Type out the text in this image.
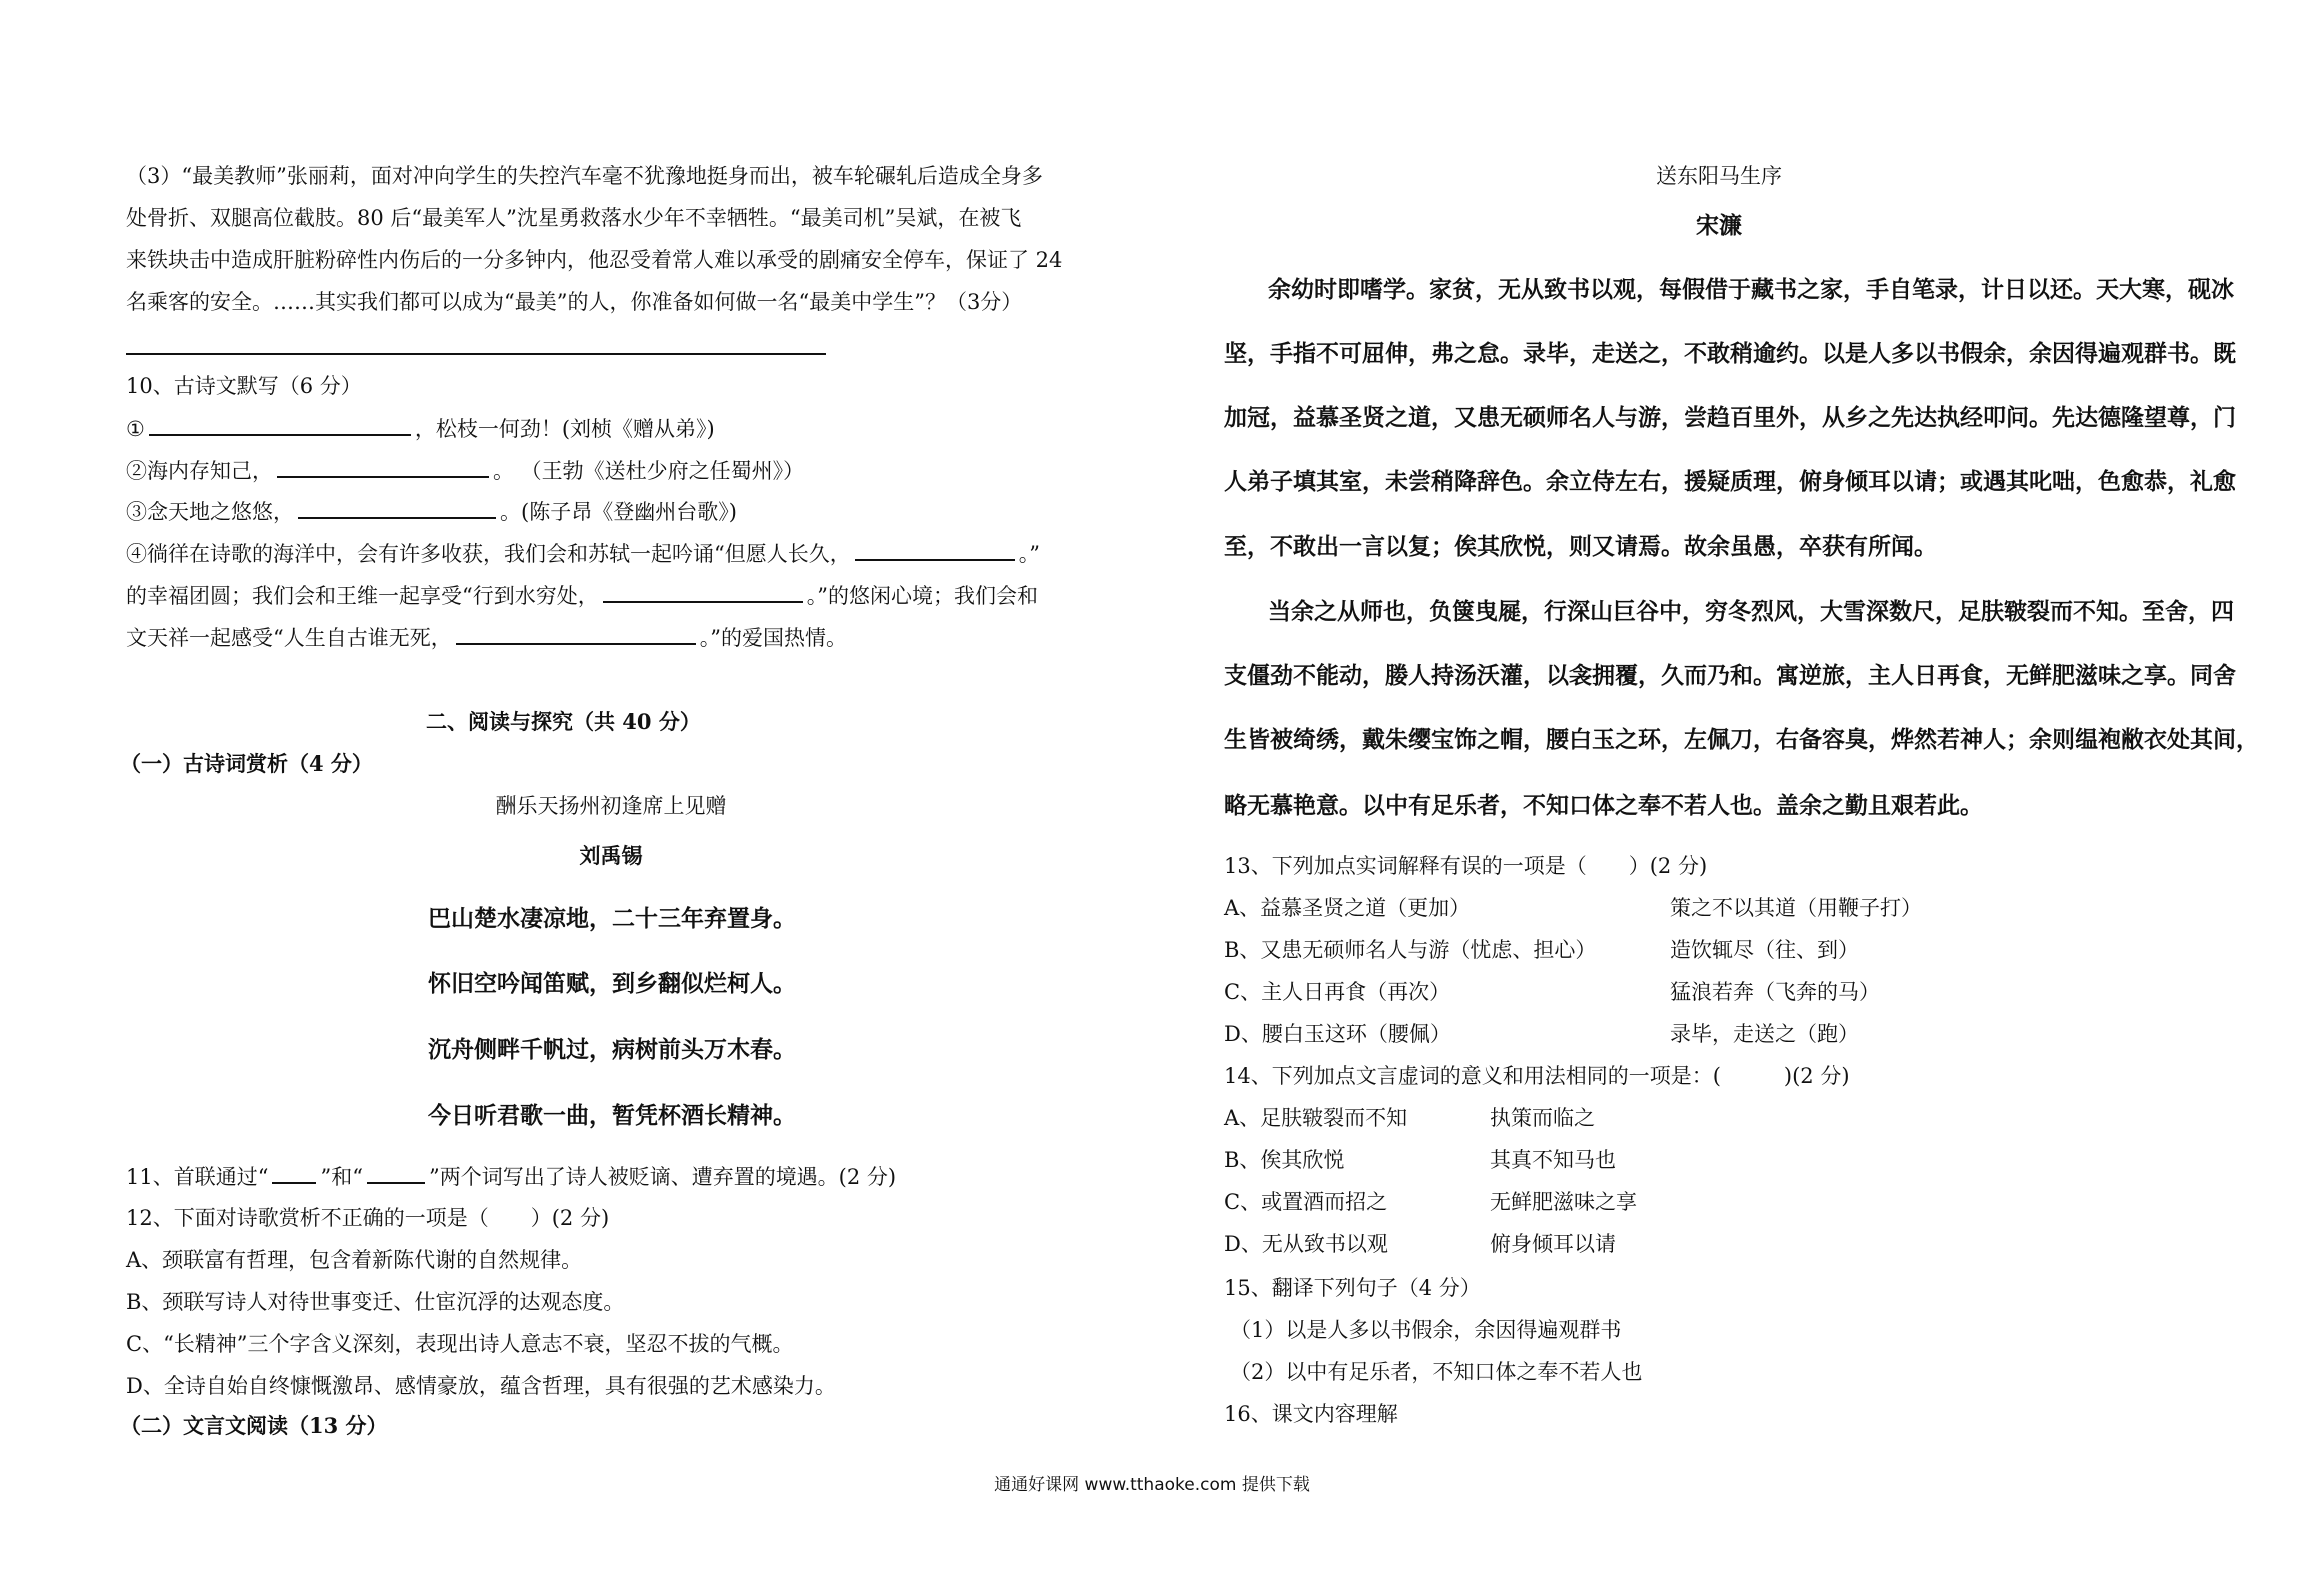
（3）“最美教师”张丽莉，面对冲向学生的失控汽车毫不犹豫地挺身而出，被车轮碾轧后造成全身多
处骨折、双腿高位截肢。80 后“最美军人”沈星勇救落水少年不幸牺牲。“最美司机”吴斌，在被飞
来铁块击中造成肝脏粉碎性内伤后的一分多钟内，他忍受着常人难以承受的剧痛安全停车，保证了 24
名乘客的安全。……其实我们都可以成为“最美”的人，你准备如何做一名“最美中学生”？（3分）
10、古诗文默写（6 分）
①	，松枝一何劲！(刘桢《赠从弟》)
②海内存知己，	。 （王勃《送杜少府之任蜀州》）
③念天地之悠悠，	。(陈子昂《登幽州台歌》)
④徜徉在诗歌的海洋中，会有许多收获，我们会和苏轼一起吟诵“但愿人长久，	。”
的幸福团圆；我们会和王维一起享受“行到水穷处，	。”的悠闲心境；我们会和
文天祥一起感受“人生自古谁无死，	。”的爱国热情。
二、阅读与探究（共 40 分）
（一）古诗词赏析（4 分）
酬乐天扬州初逢席上见赠
刘禹锡
巴山楚水凄凉地，二十三年弃置身。
怀旧空吟闻笛赋，到乡翻似烂柯人。
沉舟侧畔千帆过，病树前头万木春。
今日听君歌一曲，暂凭杯酒长精神。
11、首联通过“ ”和“	”两个词写出了诗人被贬谪、遭弃置的境遇。(2 分)
12、下面对诗歌赏析不正确的一项是（　　）(2 分)
A、颈联富有哲理，包含着新陈代谢的自然规律。
B、颈联写诗人对待世事变迁、仕宦沉浮的达观态度。
C、“长精神”三个字含义深刻，表现出诗人意志不衰，坚忍不拔的气概。
D、全诗自始自终慷慨激昂、感情豪放，蕴含哲理，具有很强的艺术感染力。
（二）文言文阅读（13 分）
送东阳马生序
宋濂
余幼时即嗜学。家贫，无从致书以观，每假借于藏书之家，手自笔录，计日以还。天大寒，砚冰
坚，手指不可屈伸，弗之怠。录毕，走送之，不敢稍逾约。以是人多以书假余，余因得遍观群书。既
加冠，益慕圣贤之道，又患无硕师名人与游，尝趋百里外，从乡之先达执经叩问。先达德隆望尊，门
人弟子填其室，未尝稍降辞色。余立侍左右，援疑质理，俯身倾耳以请；或遇其叱咄，色愈恭，礼愈
至，不敢出一言以复；俟其欣悦，则又请焉。故余虽愚，卒获有所闻。
当余之从师也，负箧曳屣，行深山巨谷中，穷冬烈风，大雪深数尺，足肤皲裂而不知。至舍，四
支僵劲不能动，媵人持汤沃灌，以衾拥覆，久而乃和。寓逆旅，主人日再食，无鲜肥滋味之享。同舍
生皆被绮绣，戴朱缨宝饰之帽，腰白玉之环，左佩刀，右备容臭，烨然若神人；余则缊袍敝衣处其间，
略无慕艳意。以中有足乐者，不知口体之奉不若人也。盖余之勤且艰若此。
13、下列加点实词解释有误的一项是（　　）(2 分)
A、益慕圣贤之道（更加）	策之不以其道（用鞭子打）
B、又患无硕师名人与游（忧虑、担心）	造饮辄尽（往、到）
C、主人日再食（再次）	猛浪若奔（飞奔的马）
D、腰白玉这环（腰佩）	录毕，走送之（跑）
14、下列加点文言虚词的意义和用法相同的一项是：(　　　)(2 分)
A、足肤皲裂而不知	执策而临之
B、俟其欣悦	其真不知马也
C、或置酒而招之	无鲜肥滋味之享
D、无从致书以观	俯身倾耳以请
15、翻译下列句子（4 分）
（1）以是人多以书假余，余因得遍观群书
（2）以中有足乐者，不知口体之奉不若人也
16、课文内容理解
通通好课网 www.tthaoke.com 提供下载
